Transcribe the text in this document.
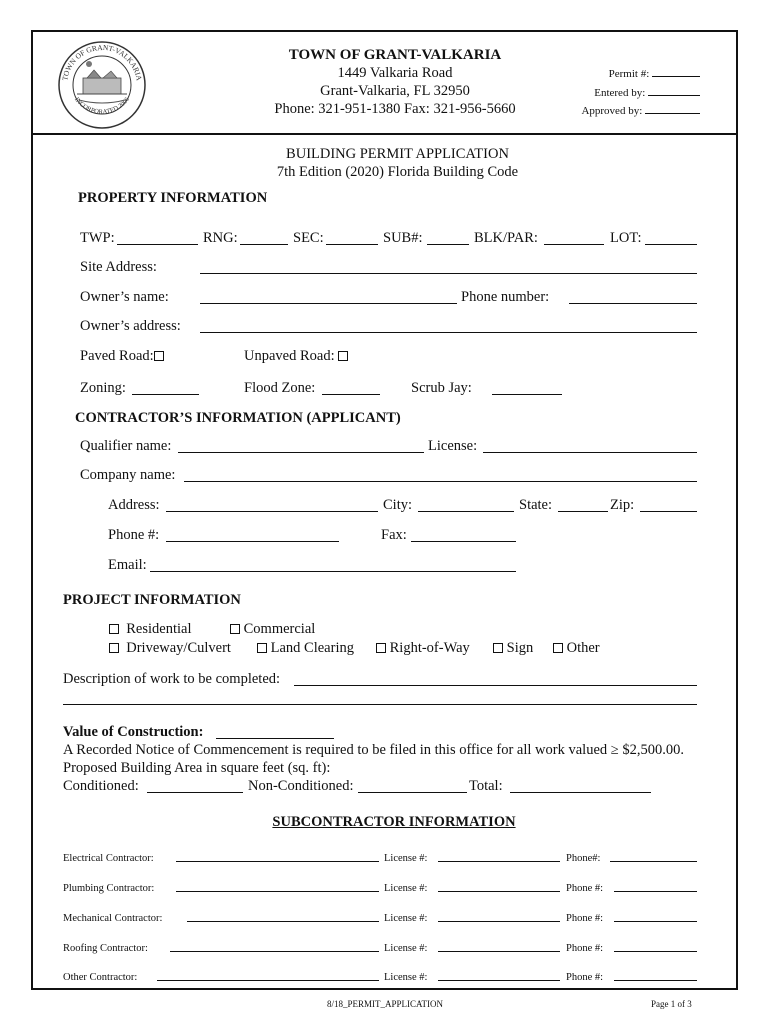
TOWN OF GRANT-VALKARIA
INCORPORATED 2006
TOWN OF GRANT-VALKARIA
1449 Valkaria Road
Grant-Valkaria, FL 32950
Phone: 321-951-1380 Fax: 321-956-5660
Permit #:
Entered by:
Approved by:
BUILDING PERMIT APPLICATION
7th Edition (2020) Florida Building Code
PROPERTY INFORMATION
TWP:	RNG:	SEC:	SUB#:	BLK/PAR:	LOT:
Site Address:
Owner’s name:	Phone number:
Owner’s address:
Paved Road:	Unpaved Road:
Zoning:	Flood Zone:	Scrub Jay:
CONTRACTOR’S INFORMATION (APPLICANT)
Qualifier name:	License:
Company name:
Address:	City:	State:	Zip:
Phone #:	Fax:
Email:
PROJECT INFORMATION
Residential	Commercial
Driveway/Culvert	Land Clearing	Right-of-Way	Sign	Other
Description of work to be completed:
Value of Construction:
A Recorded Notice of Commencement is required to be filed in this office for all work valued ≥ $2,500.00.
Proposed Building Area in square feet (sq. ft):
Conditioned:	Non-Conditioned:	Total:
SUBCONTRACTOR INFORMATION
Electrical Contractor:	License #:	Phone#:
Plumbing Contractor:	License #:	Phone #:
Mechanical Contractor:	License #:	Phone #:
Roofing Contractor:	License #:	Phone #:
Other Contractor:	License #:	Phone #:
8/18_PERMIT_APPLICATION	Page 1 of 3
